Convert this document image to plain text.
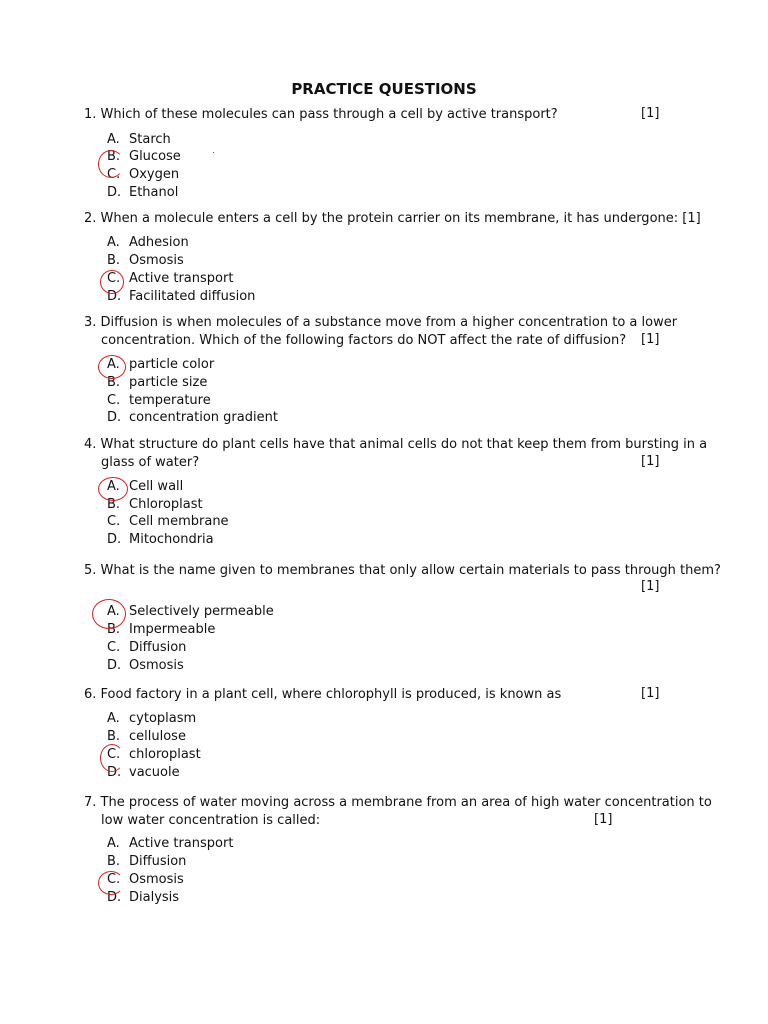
PRACTICE QUESTIONS
1. Which of these molecules can pass through a cell by active transport?	[1]
A. Starch
B. Glucose
C. Oxygen
D. Ethanol
2. When a molecule enters a cell by the protein carrier on its membrane, it has undergone: [1]
A. Adhesion
B. Osmosis
C. Active transport
D. Facilitated diffusion
3. Diffusion is when molecules of a substance move from a higher concentration to a lower
concentration. Which of the following factors do NOT affect the rate of diffusion?	[1]
A. particle color
B. particle size
C. temperature
D. concentration gradient
4. What structure do plant cells have that animal cells do not that keep them from bursting in a
glass of water?	[1]
A. Cell wall
B. Chloroplast
C. Cell membrane
D. Mitochondria
5. What is the name given to membranes that only allow certain materials to pass through them?
[1]
A. Selectively permeable
B. Impermeable
C. Diffusion
D. Osmosis
6. Food factory in a plant cell, where chlorophyll is produced, is known as	[1]
A. cytoplasm
B. cellulose
C. chloroplast
D. vacuole
7. The process of water moving across a membrane from an area of high water concentration to
low water concentration is called:	[1]
A. Active transport
B. Diffusion
C. Osmosis
D. Dialysis
